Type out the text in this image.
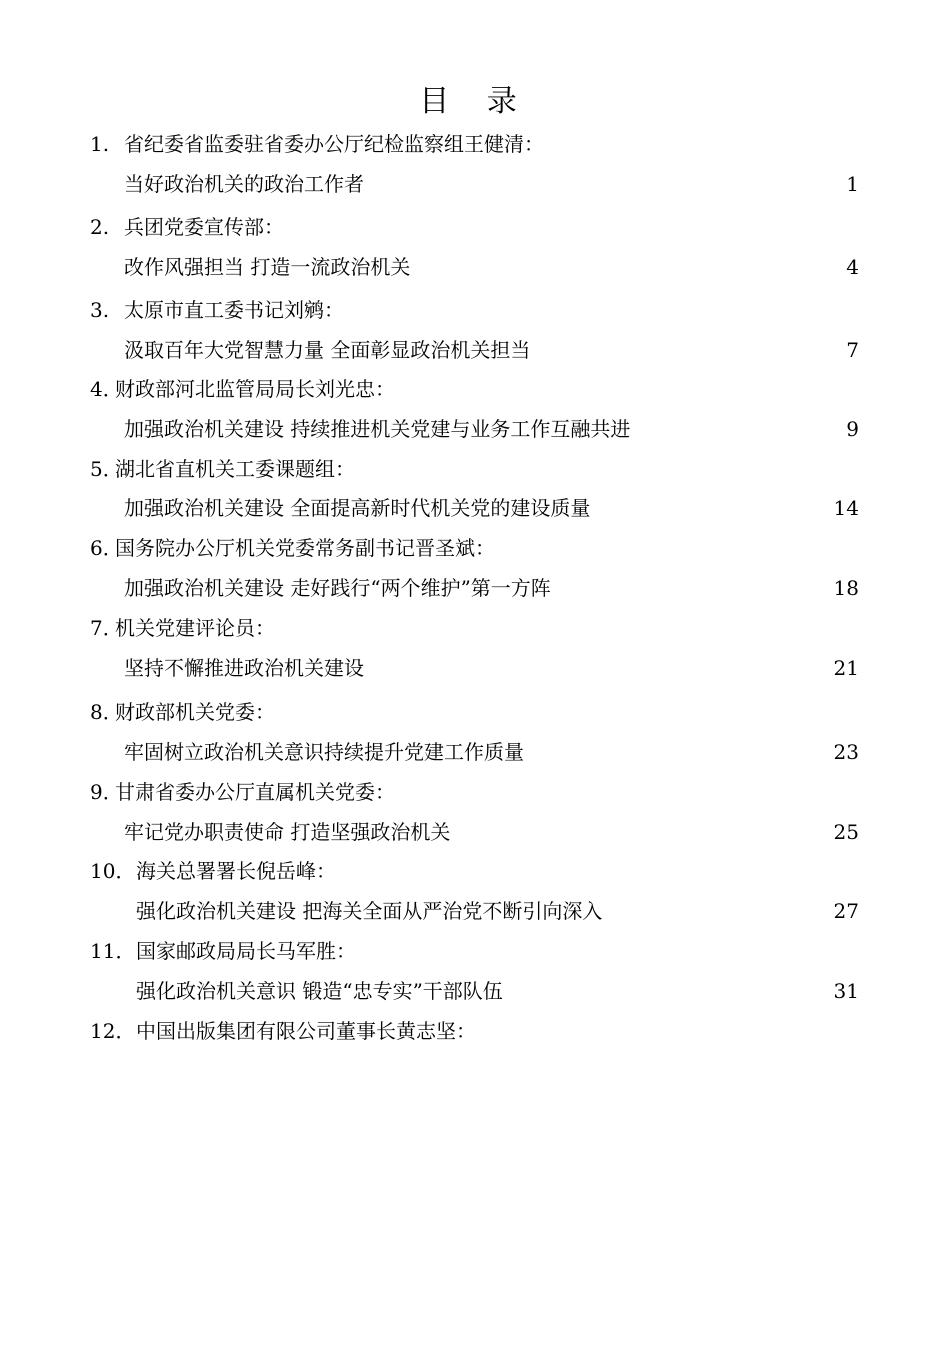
目 录
1. 省纪委省监委驻省委办公厅纪检监察组王健清：
当好政治机关的政治工作者	1
2. 兵团党委宣传部：
改作风强担当 打造一流政治机关	4
3. 太原市直工委书记刘鹓：
汲取百年大党智慧力量 全面彰显政治机关担当	7
4．
财政部河北监管局局长刘光忠：
加强政治机关建设 持续推进机关党建与业务工作互融共进	9
5．
湖北省直机关工委课题组：
加强政治机关建设 全面提高新时代机关党的建设质量	14
6．
国务院办公厅机关党委常务副书记晋圣斌：
加强政治机关建设 走好践行“两个维护”第一方阵	18
7．
机关党建评论员：
坚持不懈推进政治机关建设	21
8．
财政部机关党委：
牢固树立政治机关意识持续提升党建工作质量	23
9．
甘肃省委办公厅直属机关党委：
牢记党办职责使命 打造坚强政治机关	25
10． 海关总署署长倪岳峰：
强化政治机关建设 把海关全面从严治党不断引向深入	27
11． 国家邮政局局长马军胜：
强化政治机关意识 锻造“忠专实”干部队伍	31
12． 中国出版集团有限公司董事长黄志坚：
